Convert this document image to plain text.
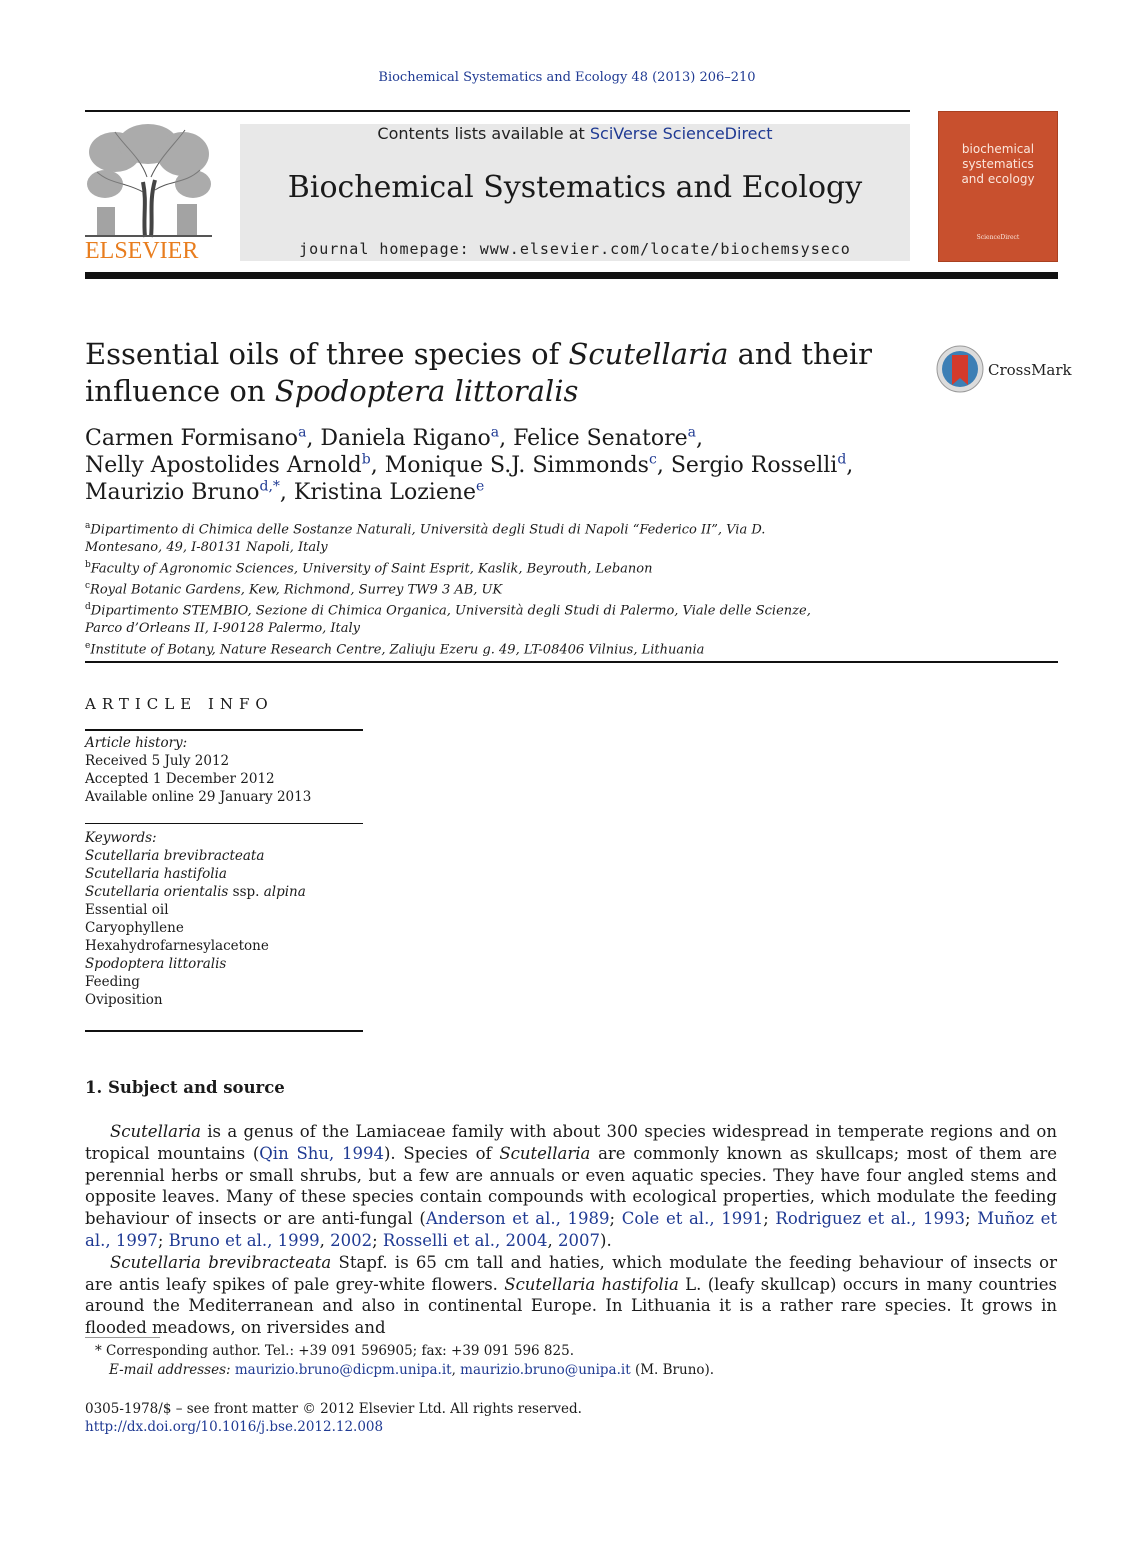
Biochemical Systematics and Ecology 48 (2013) 206–210
ELSEVIER
Contents lists available at SciVerse ScienceDirect
Biochemical Systematics and Ecology
journal homepage: www.elsevier.com/locate/biochemsyseco
biochemical
systematics
and ecology
ScienceDirect
Essential oils of three species of Scutellaria and their
influence on Spodoptera littoralis
CrossMark
Carmen Formisano$^a$, Daniela Rigano$^a$, Felice Senatore$^a$,
Nelly Apostolides Arnold$^b$, Monique S.J. Simmonds$^c$, Sergio Rosselli$^d$,
Maurizio Bruno$^{d,*}$, Kristina Loziene$^e$
$^a$Dipartimento di Chimica delle Sostanze Naturali, Università degli Studi di Napoli “Federico II”, Via D. Montesano, 49, I-80131 Napoli, Italy
$^b$Faculty of Agronomic Sciences, University of Saint Esprit, Kaslik, Beyrouth, Lebanon
$^c$Royal Botanic Gardens, Kew, Richmond, Surrey TW9 3 AB, UK
$^d$Dipartimento STEMBIO, Sezione di Chimica Organica, Università degli Studi di Palermo, Viale delle Scienze, Parco d’Orleans II, I-90128 Palermo, Italy
$^e$Institute of Botany, Nature Research Centre, Zaliuju Ezeru g. 49, LT-08406 Vilnius, Lithuania
ARTICLE INFO
Article history:
Received 5 July 2012
Accepted 1 December 2012
Available online 29 January 2013
Keywords:
Scutellaria brevibracteata
Scutellaria hastifolia
Scutellaria orientalis ssp. alpina
Essential oil
Caryophyllene
Hexahydrofarnesylacetone
Spodoptera littoralis
Feeding
Oviposition
1. Subject and source

Scutellaria is a genus of the Lamiaceae family with about 300 species widespread in temperate regions and on tropical mountains (Qin Shu, 1994). Species of Scutellaria are commonly known as skullcaps; most of them are perennial herbs or small shrubs, but a few are annuals or even aquatic species. They have four angled stems and opposite leaves. Many of these species contain compounds with ecological properties, which modulate the feeding behaviour of insects or are anti-fungal (Anderson et al., 1989; Cole et al., 1991; Rodriguez et al., 1993; Muñoz et al., 1997; Bruno et al., 1999, 2002; Rosselli et al., 2004, 2007).

Scutellaria brevibracteata Stapf. is 65 cm tall and haties, which modulate the feeding behaviour of insects or are antis leafy spikes of pale grey-white flowers. Scutellaria hastifolia L. (leafy skullcap) occurs in many countries around the Mediterranean and also in continental Europe. In Lithuania it is a rather rare species. It grows in flooded meadows, on riversides and

* Corresponding author. Tel.: +39 091 596905; fax: +39 091 596 825.
E-mail addresses: maurizio.bruno@dicpm.unipa.it, maurizio.bruno@unipa.it (M. Bruno).
0305-1978/$ – see front matter © 2012 Elsevier Ltd. All rights reserved.
http://dx.doi.org/10.1016/j.bse.2012.12.008
